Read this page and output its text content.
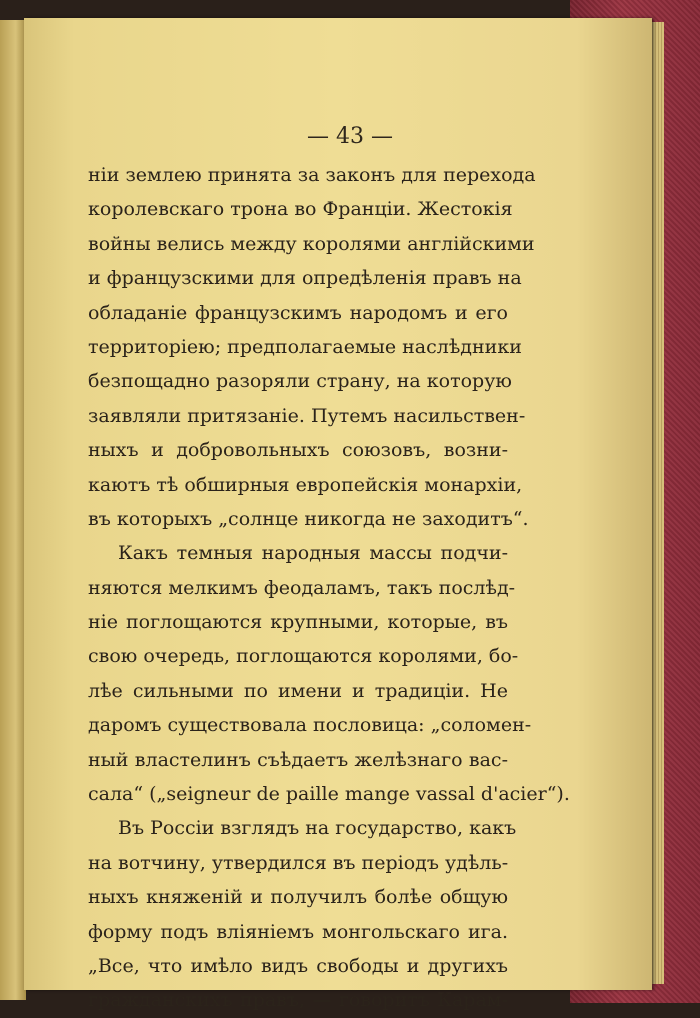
— 43 —
нiи землею принята за законъ для перехода
королевскаго трона во Францiи. Жестокiя
войны велись между королями англiйскими
и французскими для опредѣленiя правъ на
обладанiе французскимъ народомъ и его
территорiею; предполагаемые наслѣдники
безпощадно разоряли страну, на которую
заявляли притязанiе. Путемъ насильствен-
ныхъ и добровольныхъ союзовъ, возни-
каютъ тѣ обширныя европейскiя монархiи,
въ которыхъ „солнце никогда не заходитъ“.
Какъ темныя народныя массы подчи-
няются мелкимъ феодаламъ, такъ послѣд-
нiе поглощаются крупными, которые, въ
свою очередь, поглощаются королями, бо-
лѣе сильными по имени и традицiи. Не
даромъ существовала пословица: „соломен-
ный властелинъ съѣдаетъ желѣзнаго вас-
сала“ („seigneur de paille mange vassal d'acier“).
Въ Россiи взглядъ на государство, какъ
на вотчину, утвердился въ перiодъ удѣль-
ныхъ княженiй и получилъ болѣе общую
форму подъ влiянiемъ монгольскаго ига.
„Все, что имѣло видъ свободы и другихъ
гражданскихъ правъ, — говоритъ Карам-
